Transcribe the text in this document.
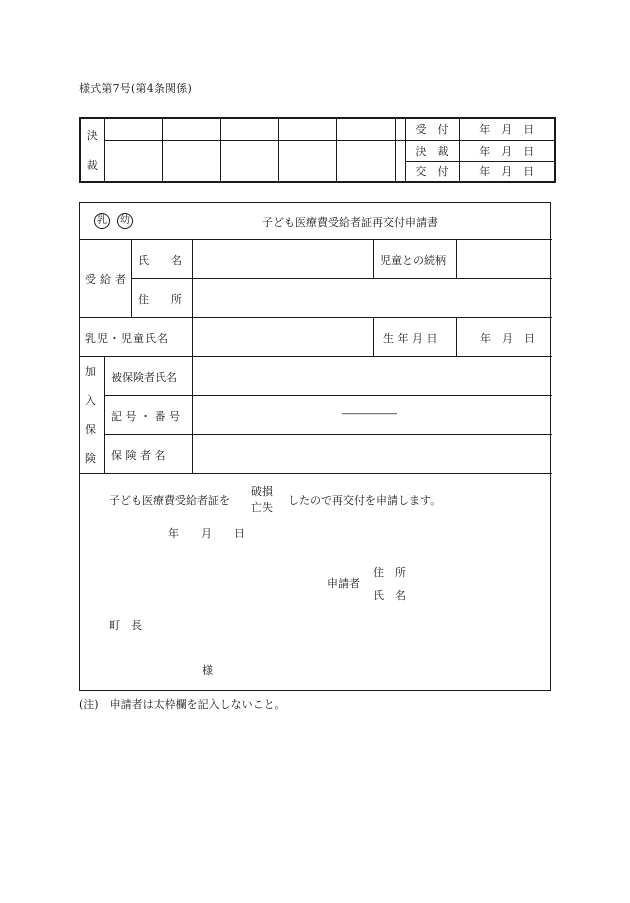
様式第7号(第4条関係)
決
裁							受　付	年　月　日
							決　裁	年　月　日
							交　付	年　月　日
乳	幼	子ども医療費受給者証再交付申請書
受給者
氏　　名	児童との続柄
住　　所
乳児・児童氏名	生 年 月 日	年　月　日
加
入
保
険
被保険者氏名
記 号 ・ 番 号	―――――
保 険 者 名
子ども医療費受給者証を
破損
亡失
したので再交付を申請します。
年　　月　　日
申請者
住　所
氏　名
町　長
様
(注)　申請者は太枠欄を記入しないこと。
